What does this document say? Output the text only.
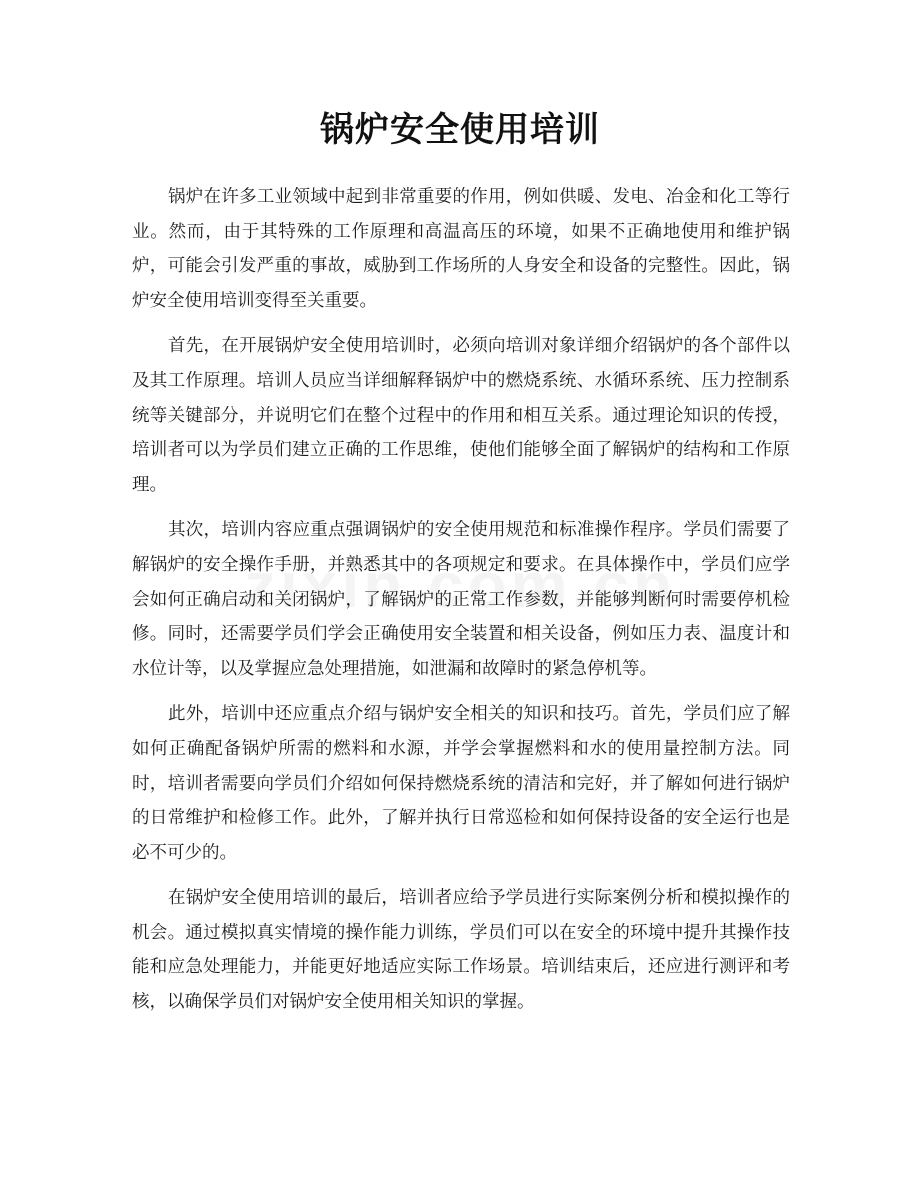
锅炉安全使用培训

锅炉在许多工业领域中起到非常重要的作用，例如供暖、发电、冶金和化工等行业。然而，由于其特殊的工作原理和高温高压的环境，如果不正确地使用和维护锅炉，可能会引发严重的事故，威胁到工作场所的人身安全和设备的完整性。因此，锅炉安全使用培训变得至关重要。

首先，在开展锅炉安全使用培训时，必须向培训对象详细介绍锅炉的各个部件以及其工作原理。培训人员应当详细解释锅炉中的燃烧系统、水循环系统、压力控制系统等关键部分，并说明它们在整个过程中的作用和相互关系。通过理论知识的传授，培训者可以为学员们建立正确的工作思维，使他们能够全面了解锅炉的结构和工作原理。

其次，培训内容应重点强调锅炉的安全使用规范和标准操作程序。学员们需要了解锅炉的安全操作手册，并熟悉其中的各项规定和要求。在具体操作中，学员们应学会如何正确启动和关闭锅炉，了解锅炉的正常工作参数，并能够判断何时需要停机检修。同时，还需要学员们学会正确使用安全装置和相关设备，例如压力表、温度计和水位计等，以及掌握应急处理措施，如泄漏和故障时的紧急停机等。

此外，培训中还应重点介绍与锅炉安全相关的知识和技巧。首先，学员们应了解如何正确配备锅炉所需的燃料和水源，并学会掌握燃料和水的使用量控制方法。同时，培训者需要向学员们介绍如何保持燃烧系统的清洁和完好，并了解如何进行锅炉的日常维护和检修工作。此外，了解并执行日常巡检和如何保持设备的安全运行也是必不可少的。

在锅炉安全使用培训的最后，培训者应给予学员进行实际案例分析和模拟操作的机会。通过模拟真实情境的操作能力训练，学员们可以在安全的环境中提升其操作技能和应急处理能力，并能更好地适应实际工作场景。培训结束后，还应进行测评和考核，以确保学员们对锅炉安全使用相关知识的掌握。
